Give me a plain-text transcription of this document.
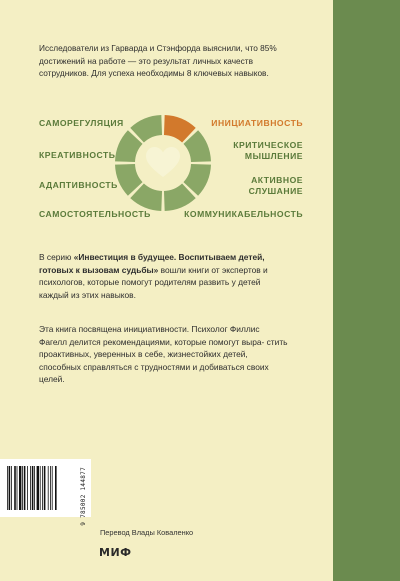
Исследователи из Гарварда и Стэнфорда выяснили, что 85% достижений на работе — это результат личных качеств сотрудников. Для успеха необходимы 8 ключевых навыков.

САМОРЕГУЛЯЦИЯ
КРЕАТИВНОСТЬ
АДАПТИВНОСТЬ
САМОСТОЯТЕЛЬНОСТЬ
ИНИЦИАТИВНОСТЬ
КРИТИЧЕСКОЕ
МЫШЛЕНИЕ
АКТИВНОЕ
СЛУШАНИЕ
КОММУНИКАБЕЛЬНОСТЬ

В серию «Инвестиция в будущее. Воспитываем детей, готовых к вызовам судьбы» вошли книги от экспертов и психологов, которые помогут родителям развить у детей каждый из этих навыков.

Эта книга посвящена инициативности. Психолог Филлис Фагелл делится рекомендациями, которые помогут выра- стить проактивных, уверенных в себе, жизнестойких детей, способных справляться с трудностями и добиваться своих целей.

9 785002 144877
Перевод Влады Коваленко
МИФ
